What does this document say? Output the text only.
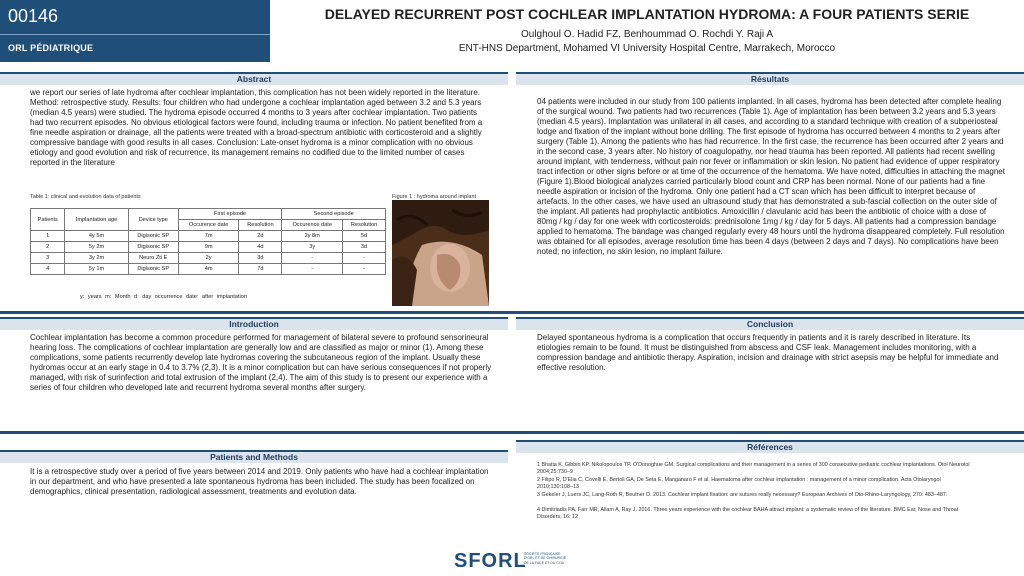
00146
ORL PÉDIATRIQUE
DELAYED RECURRENT POST COCHLEAR IMPLANTATION HYDROMA: A FOUR PATIENTS SERIE
Oulghoul O. Hadid FZ, Benhoummad O. Rochdi Y. Raji A
ENT-HNS Department, Mohamed VI University Hospital Centre, Marrakech, Morocco
Abstract
we report our series of late hydroma after cochlear implantation, this complication has not been widely reported in the literature. Method: retrospective study. Results: four children who had undergone a cochlear implantation aged between 3.2 and 5.3 years (median 4.5 years) were studied. The hydroma episode occurred 4 months to 3 years after cochlear implantation. Two patients had two recurrent episodes. No obvious etiological factors were found, including trauma or infection. No patient benefited from a fine needle aspiration or drainage, all the patients were treated with a broad-spectrum antibiotic with corticosteroid and a slightly compressive bandage with good results in all cases. Conclusion: Late-onset hydroma is a minor complication with no obvious etiology and good evolution and risk of recurrence, its management remains no codified due to the limited number of cases reported in the literature
Résultats
04 patients were included in our study from 100 patients implanted. In all cases, hydroma has been detected after complete healing of the surgical wound. Two patients had two recurrences (Table 1). Age of implantation has been between 3.2 years and 5.3 years (median 4.5 years). Implantation was unilateral in all cases, and according to a standard technique with creation of a subperiosteal lodge and fixation of the implant without bone drilling. The first episode of hydroma has occurred between 4 months to 2 years after surgery (Table 1). Among the patients who has had recurrence. In the first case, the recurrence has been occurred after 2 years and in the second case, 3 years after. No history of coagulopathy, nor head trauma has been reported. All patients had recent swelling around implant, with tenderness, without pain nor fever or inflammation or skin lesion. No patient had evidence of upper respiratory tract infection or other signs before or at time of the occurrence of the hematoma. We have noted, difficulties in attaching the magnet (Figure 1).Blood biological analyzes carried particularly blood count and CRP has been normal. None of our patients had a fine needle aspiration or incision of the hydroma. Only one patient had a CT scan which has been difficult to interpret because of artefacts. In the other cases, we have used an ultrasound study that has demonstrated a sub-fascial collection on the outer side of the implant. All patients had prophylactic antibiotics. Amoxicillin / clavulanic acid has been the antibiotic of choice with a dose of 80mg / kg / day for one week with corticosteroids: prednisolone 1mg / kg / day for 5 days. All patients had a compression bandage applied to hematoma. The bandage was changed regularly every 48 hours until the hydroma disappeared completely. Full resolution was obtained for all episodes, average resolution time has been 4 days (between 2 days and 7 days). No complications have been noted; no infection, no skin lesion, no implant failure.
Table 1: clinical and evolution data of patients	Figure 1 : hydroma around implant
Patients	Implantation age	Device type	First episode		Second episode	
			Occurence date	Resolution	Occurence date	Resolution
1	4y 5m	Digisonic SP	7m	2d	2y 8m	5d
2	5y 2m	Digisonic SP	9m	4d	3y	3d
3	3y 2m	Neuro Zti E	2y	3d	-	-
4	5y 1m	Digisonic SP	4m	7d	-	-
y: years m: Month d: day occurrence date: after implantation
Introduction
Cochlear implantation has become a common procedure performed for management of bilateral severe to profound sensorineural hearing loss. The complications of cochlear implantation are generally low and are classified as major or minor (1). Among these complications, some patients recurrently develop late hydromas covering the subcutaneous region of the implant. Usually these hydromas occur at an early stage in 0.4 to 3.7% (2,3). It is a minor complication but can have serious consequences if not properly managed, with risk of surinfection and total extrusion of the implant (2,4). The aim of this study is to present our experience with a series of four children who developed late and recurrent hydroma several months after surgery.
Conclusion
Delayed spontaneous hydroma is a complication that occurs frequently in patients and it is rarely described in literature. Its etiologies remain to be found. It must be distinguished from abscess and CSF leak. Management includes monitoring, with a compression bandage and antibiotic therapy. Aspiration, incision and drainage with strict asepsis may be helpful for immediate and effective resolution.
Patients and Methods
It is a retrospective study over a period of five years between 2014 and 2019. Only patients who have had a cochlear implantation in our department, and who have presented a late spontaneous hydroma has been included. The study has been focalized on demographics, clinical presentation, radiological assessment, treatments and evolution data.
Références
1 Bhatia K. Gibbin KP. Nikolopoulos TP. O'Donoghue GM. Surgical complications and their management in a series of 300 consecutive pediatric cochlear implantations. Otol Neurotol 2004;25:730–9
2 Filipo R, D'Elia C, Covelli E, Bertoli GA, De Seta E, Manganaro F et al. Haematoma after cochlear implantation : management of a minor complication. Acta Otolaryngol 2010;130:108–13
3 Gekeler J, Luers JC, Lang-Roth R, Beutner D. 2013. Cochlear implant fixation: are sutures really necessary? European Archives of Oto-Rhino-Laryngology, 270: 483–487.
4 Dimitriadis PA, Farr MR, Allam A, Ray J. 2016. Three years experience with the cochlear BAHA attract implant: a systematic review of the literature. BMC Ear, Nose and Throat Disorders, 16: 12
SFORL
SOCIÉTÉ FRANÇAISE D'ORL ET DE CHIRURGIE DE LA FACE ET DU COU
